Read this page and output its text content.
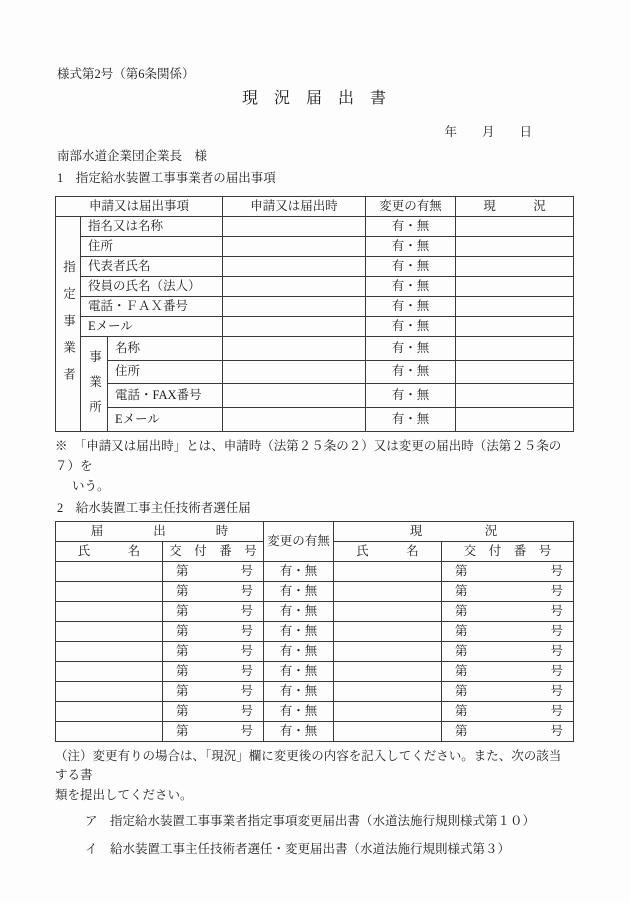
様式第2号（第6条関係）
現　況　届　出　書
年　　月　　日
南部水道企業団企業長　様
1　指定給水装置工事事業者の届出事項
申請又は届出事項			申請又は届出時	変更の有無	現　　　況
指定事業者	指名又は名称			有・無	
	住所			有・無	
	代表者氏名			有・無	
	役員の氏名（法人）			有・無	
	電話・ＦＡＸ番号			有・無	
	Eメール			有・無	
	事業所	名称		有・無	
		住所		有・無	
		電話・FAX番号		有・無	
		Eメール		有・無	
※　「申請又は届出時」とは、申請時（法第２５条の２）又は変更の届出時（法第２５条の７）を
いう。
2　給水装置工事主任技術者選任届
届　　　　出　　　　時		変更の有無	現　　　　　況	
氏　　　名	交　付　番　号		氏　　　名	交　付　番　号

	第 号	有・無		第 号

	第 号	有・無		第 号

	第 号	有・無		第 号

	第 号	有・無		第 号

	第 号	有・無		第 号

	第 号	有・無		第 号

	第 号	有・無		第 号

	第 号	有・無		第 号

	第 号	有・無		第 号
（注）変更有りの場合は、「現況」欄に変更後の内容を記入してください。また、次の該当する書
類を提出してください。
ア　指定給水装置工事事業者指定事項変更届出書（水道法施行規則様式第１０）
イ　給水装置工事主任技術者選任・変更届出書（水道法施行規則様式第３）
